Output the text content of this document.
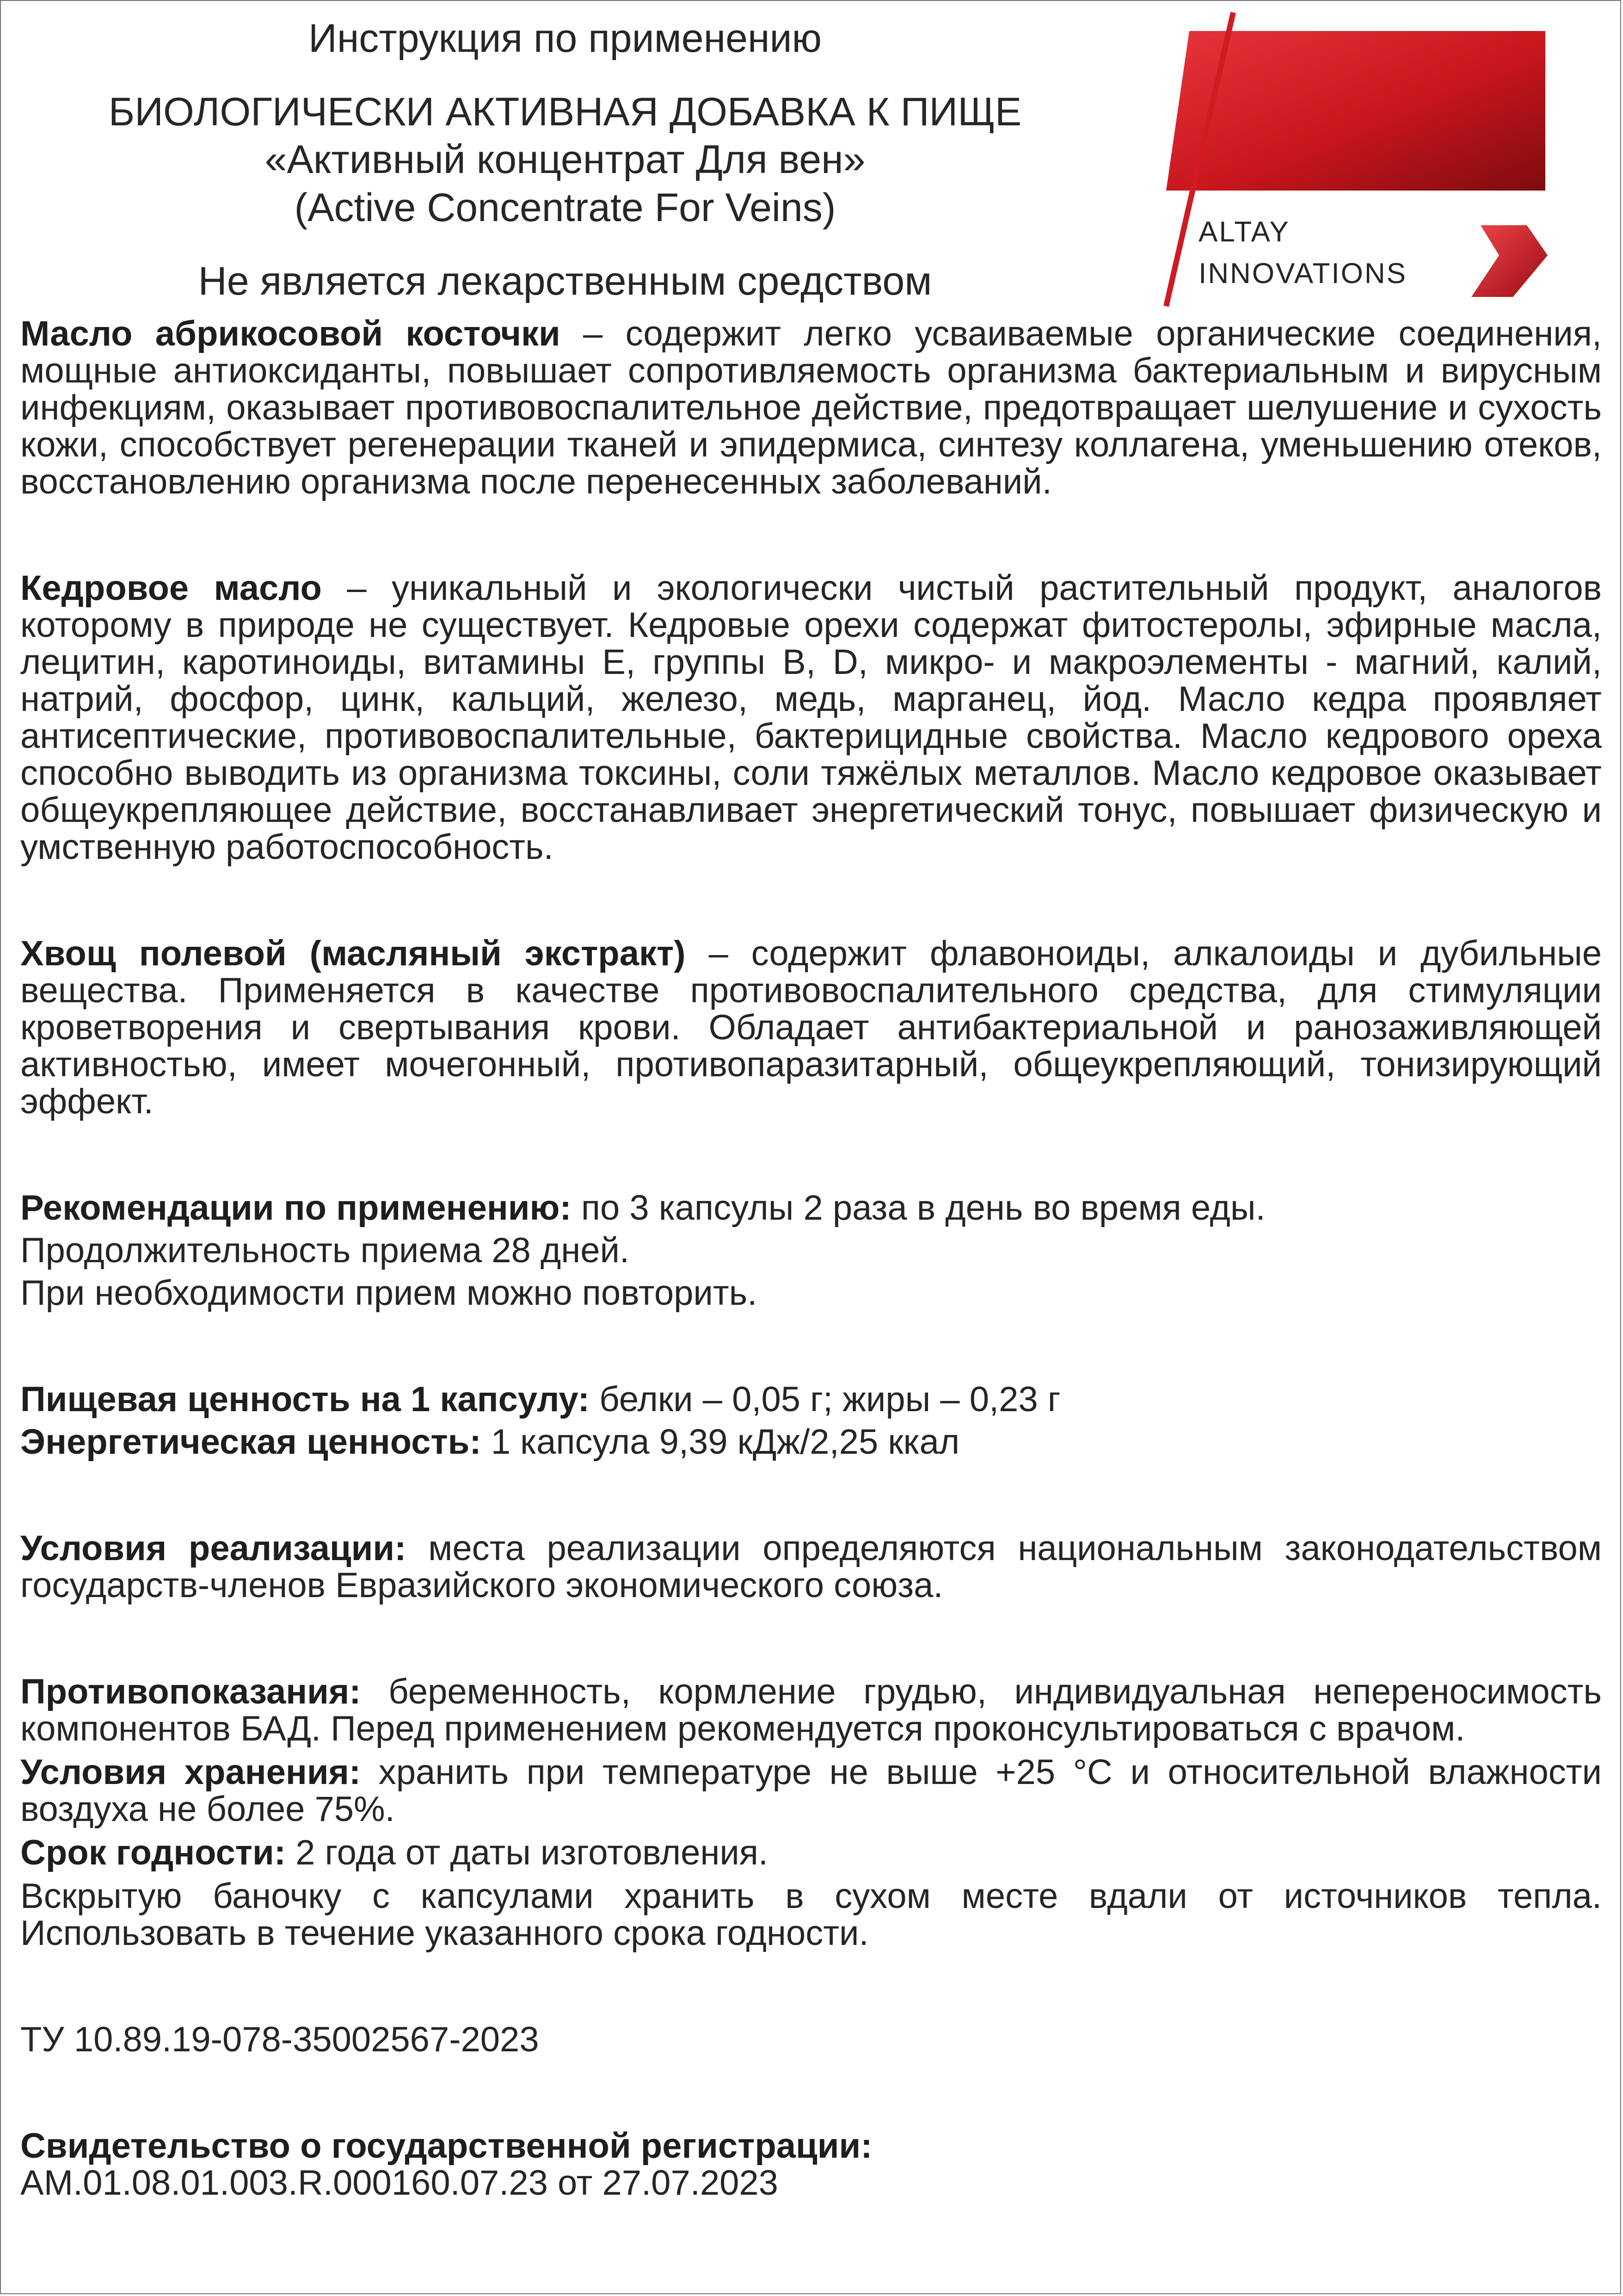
Инструкция по применению
БИОЛОГИЧЕСКИ АКТИВНАЯ ДОБАВКА К ПИЩЕ
«Активный концентрат Для вен»
(Active Concentrate For Veins)
Не является лекарственным средством
ALTAY
INNOVATIONS

Масло абрикосовой косточки – содержит легко усваиваемые органические соединения, мощные антиоксиданты, повышает сопротивляемость организма бактериальным и вирусным инфекциям, оказывает противовоспалительное действие, предотвращает шелушение и сухость кожи, способствует регенерации тканей и эпидермиса, синтезу коллагена, уменьшению отеков, восстановлению организма после перенесенных заболеваний.

Кедровое масло – уникальный и экологически чистый растительный продукт, аналогов которому в природе не существует. Кедровые орехи содержат фитостеролы, эфирные масла, лецитин, каротиноиды, витамины Е, группы B, D, микро- и макроэлементы - магний, калий, натрий, фосфор, цинк, кальций, железо, медь, марганец, йод. Масло кедра проявляет антисептические, противовоспалительные, бактерицидные свойства. Масло кедрового ореха способно выводить из организма токсины, соли тяжёлых металлов. Масло кедровое оказывает общеукрепляющее действие, восстанавливает энергетический тонус, повышает физическую и умственную работоспособность.

Хвощ полевой (масляный экстракт) – содержит флавоноиды, алкалоиды и дубильные вещества. Применяется в качестве противовоспалительного средства, для стимуляции кроветворения и свертывания крови. Обладает антибактериальной и ранозаживляющей активностью, имеет мочегонный, противопаразитарный, общеукрепляющий, тонизирующий эффект.

Рекомендации по применению: по 3 капсулы 2 раза в день во время еды.

Продолжительность приема 28 дней.

При необходимости прием можно повторить.

Пищевая ценность на 1 капсулу: белки – 0,05 г; жиры – 0,23 г

Энергетическая ценность: 1 капсула 9,39 кДж/2,25 ккал

Условия реализации: места реализации определяются национальным законодательством государств-членов Евразийского экономического союза.

Противопоказания: беременность, кормление грудью, индивидуальная непереносимость компонентов БАД. Перед применением рекомендуется проконсультироваться с врачом.

Условия хранения: хранить при температуре не выше +25 °С и относительной влажности воздуха не более 75%.

Срок годности: 2 года от даты изготовления.

Вскрытую баночку с капсулами хранить в сухом месте вдали от источников тепла. Использовать в течение указанного срока годности.

ТУ 10.89.19-078-35002567-2023

Свидетельство о государственной регистрации:

AM.01.08.01.003.R.000160.07.23 от 27.07.2023
